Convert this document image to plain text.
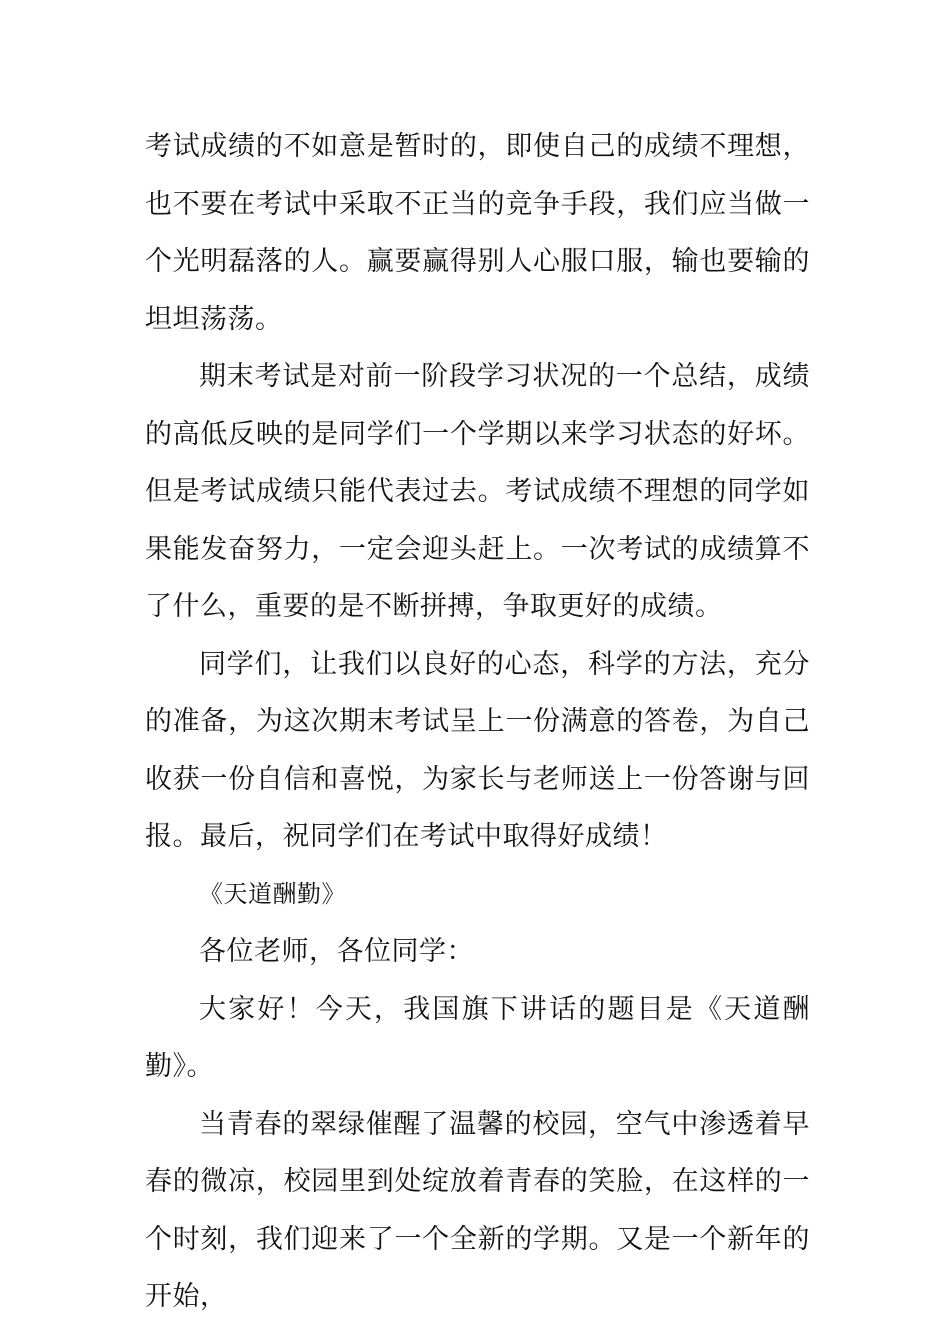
考试成绩的不如意是暂时的，即使自己的成绩不理想，也不要在考试中采取不正当的竞争手段，我们应当做一个光明磊落的人。赢要赢得别人心服口服，输也要输的坦坦荡荡。

期末考试是对前一阶段学习状况的一个总结，成绩的高低反映的是同学们一个学期以来学习状态的好坏。但是考试成绩只能代表过去。考试成绩不理想的同学如果能发奋努力，一定会迎头赶上。一次考试的成绩算不了什么，重要的是不断拼搏，争取更好的成绩。

同学们，让我们以良好的心态，科学的方法，充分的准备，为这次期末考试呈上一份满意的答卷，为自己收获一份自信和喜悦，为家长与老师送上一份答谢与回报。最后，祝同学们在考试中取得好成绩！

《天道酬勤》

各位老师，各位同学：

大家好！今天，我国旗下讲话的题目是《天道酬勤》。

当青春的翠绿催醒了温馨的校园，空气中渗透着早春的微凉，校园里到处绽放着青春的笑脸，在这样的一个时刻，我们迎来了一个全新的学期。又是一个新年的开始，
